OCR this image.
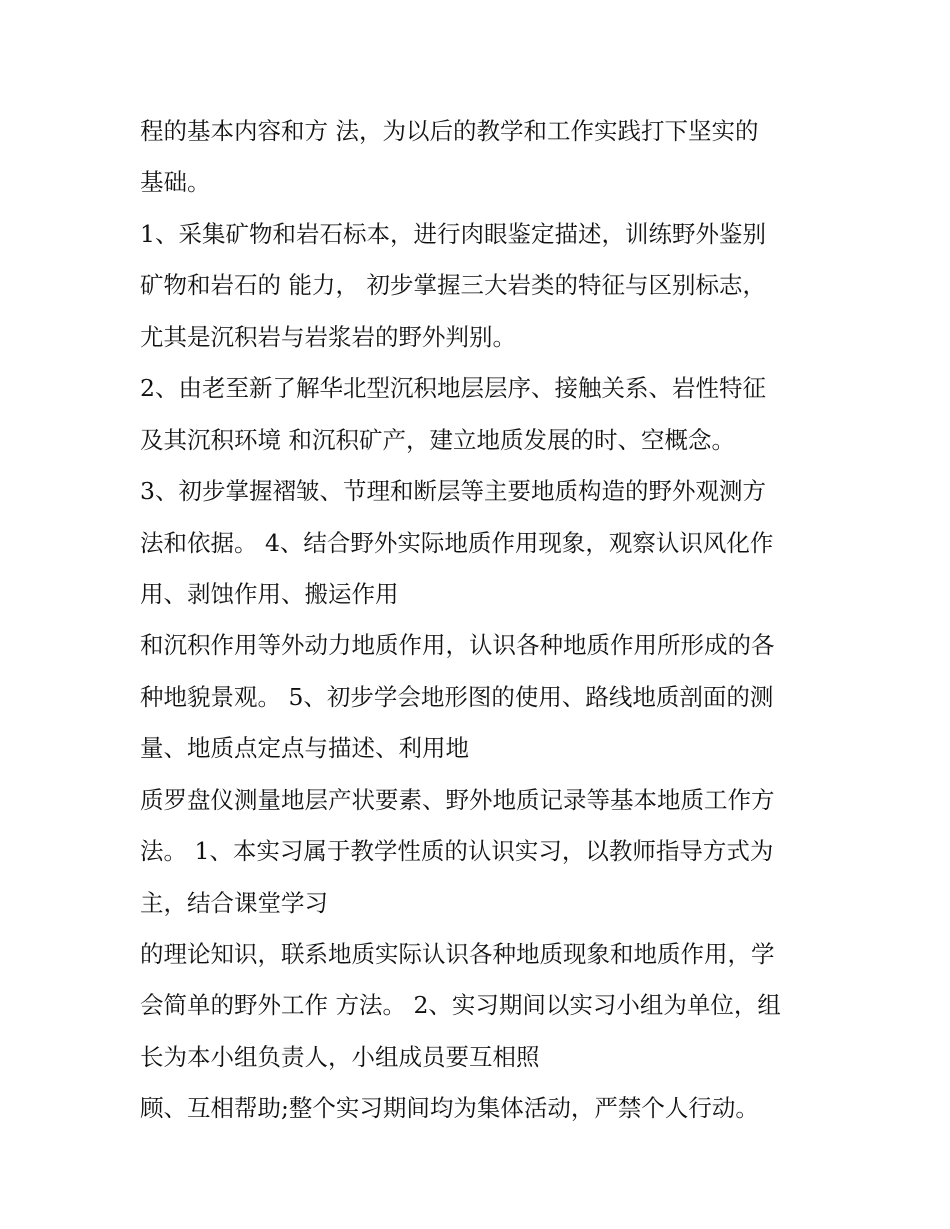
程的基本内容和方 法，为以后的教学和工作实践打下坚实的
基础。
1、采集矿物和岩石标本，进行肉眼鉴定描述，训练野外鉴别
矿物和岩石的 能力， 初步掌握三大岩类的特征与区别标志，
尤其是沉积岩与岩浆岩的野外判别。
2、由老至新了解华北型沉积地层层序、接触关系、岩性特征
及其沉积环境 和沉积矿产，建立地质发展的时、空概念。
3、初步掌握褶皱、节理和断层等主要地质构造的野外观测方
法和依据。 4、结合野外实际地质作用现象，观察认识风化作
用、剥蚀作用、搬运作用
和沉积作用等外动力地质作用，认识各种地质作用所形成的各
种地貌景观。 5、初步学会地形图的使用、路线地质剖面的测
量、地质点定点与描述、利用地
质罗盘仪测量地层产状要素、野外地质记录等基本地质工作方
法。 1、本实习属于教学性质的认识实习，以教师指导方式为
主，结合课堂学习
的理论知识，联系地质实际认识各种地质现象和地质作用，学
会简单的野外工作 方法。 2、实习期间以实习小组为单位，组
长为本小组负责人，小组成员要互相照
顾、互相帮助;整个实习期间均为集体活动，严禁个人行动。
